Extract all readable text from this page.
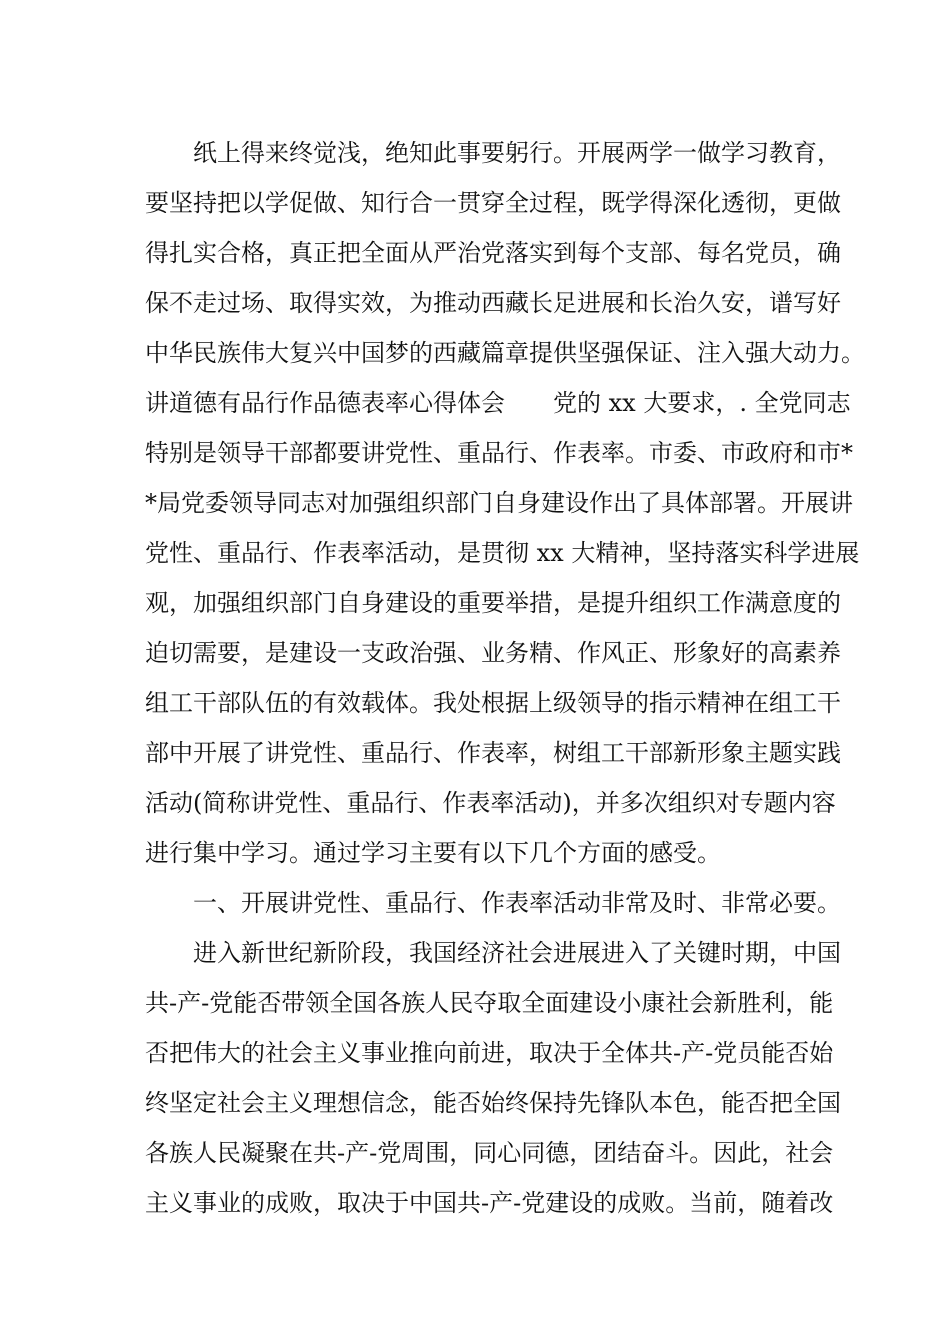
纸上得来终觉浅，绝知此事要躬行。开展两学一做学习教育，
要坚持把以学促做、知行合一贯穿全过程，既学得深化透彻，更做
得扎实合格，真正把全面从严治党落实到每个支部、每名党员，确
保不走过场、取得实效，为推动西藏长足进展和长治久安，谱写好
中华民族伟大复兴中国梦的西藏篇章提供坚强保证、注入强大动力。
讲道德有品行作品德表率心得体会　　党的 xx 大要求，. 全党同志
特别是领导干部都要讲党性、重品行、作表率。市委、市政府和市*
*局党委领导同志对加强组织部门自身建设作出了具体部署。开展讲
党性、重品行、作表率活动，是贯彻 xx 大精神，坚持落实科学进展
观，加强组织部门自身建设的重要举措，是提升组织工作满意度的
迫切需要，是建设一支政治强、业务精、作风正、形象好的高素养
组工干部队伍的有效载体。我处根据上级领导的指示精神在组工干
部中开展了讲党性、重品行、作表率，树组工干部新形象主题实践
活动(简称讲党性、重品行、作表率活动)，并多次组织对专题内容
进行集中学习。通过学习主要有以下几个方面的感受。
一、开展讲党性、重品行、作表率活动非常及时、非常必要。
进入新世纪新阶段，我国经济社会进展进入了关键时期，中国
共-产-党能否带领全国各族人民夺取全面建设小康社会新胜利，能
否把伟大的社会主义事业推向前进，取决于全体共-产-党员能否始
终坚定社会主义理想信念，能否始终保持先锋队本色，能否把全国
各族人民凝聚在共-产-党周围，同心同德，团结奋斗。因此，社会
主义事业的成败，取决于中国共-产-党建设的成败。当前，随着改
